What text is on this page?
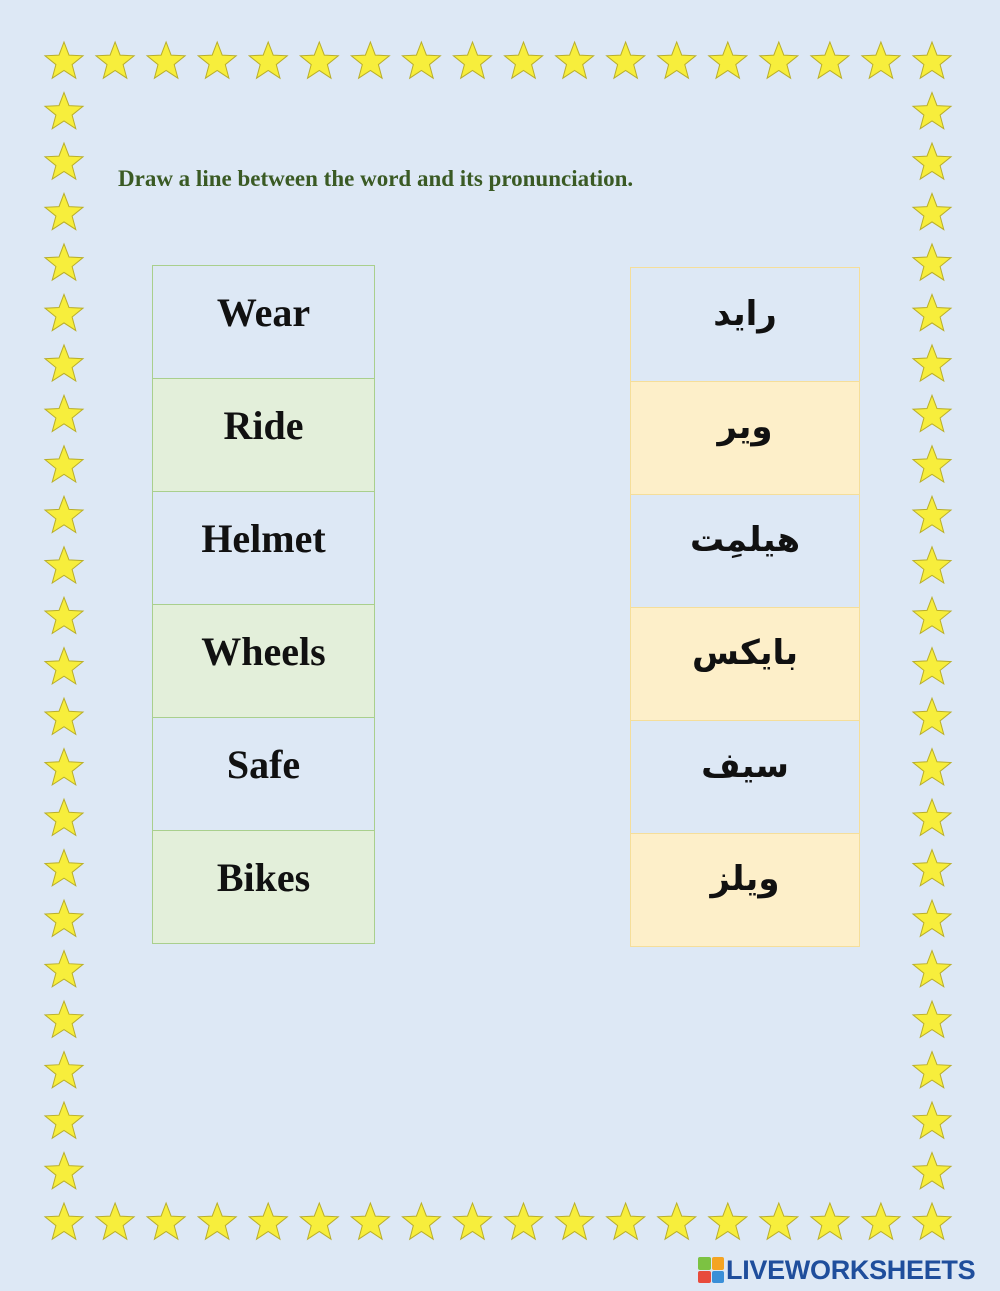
Draw a line between the word and its pronunciation.

Wear
Ride
Helmet
Wheels
Safe
Bikes
رايد
وير
هيلمِت
بايكس
سيف
ويلز
LIVEWORKSHEETS
